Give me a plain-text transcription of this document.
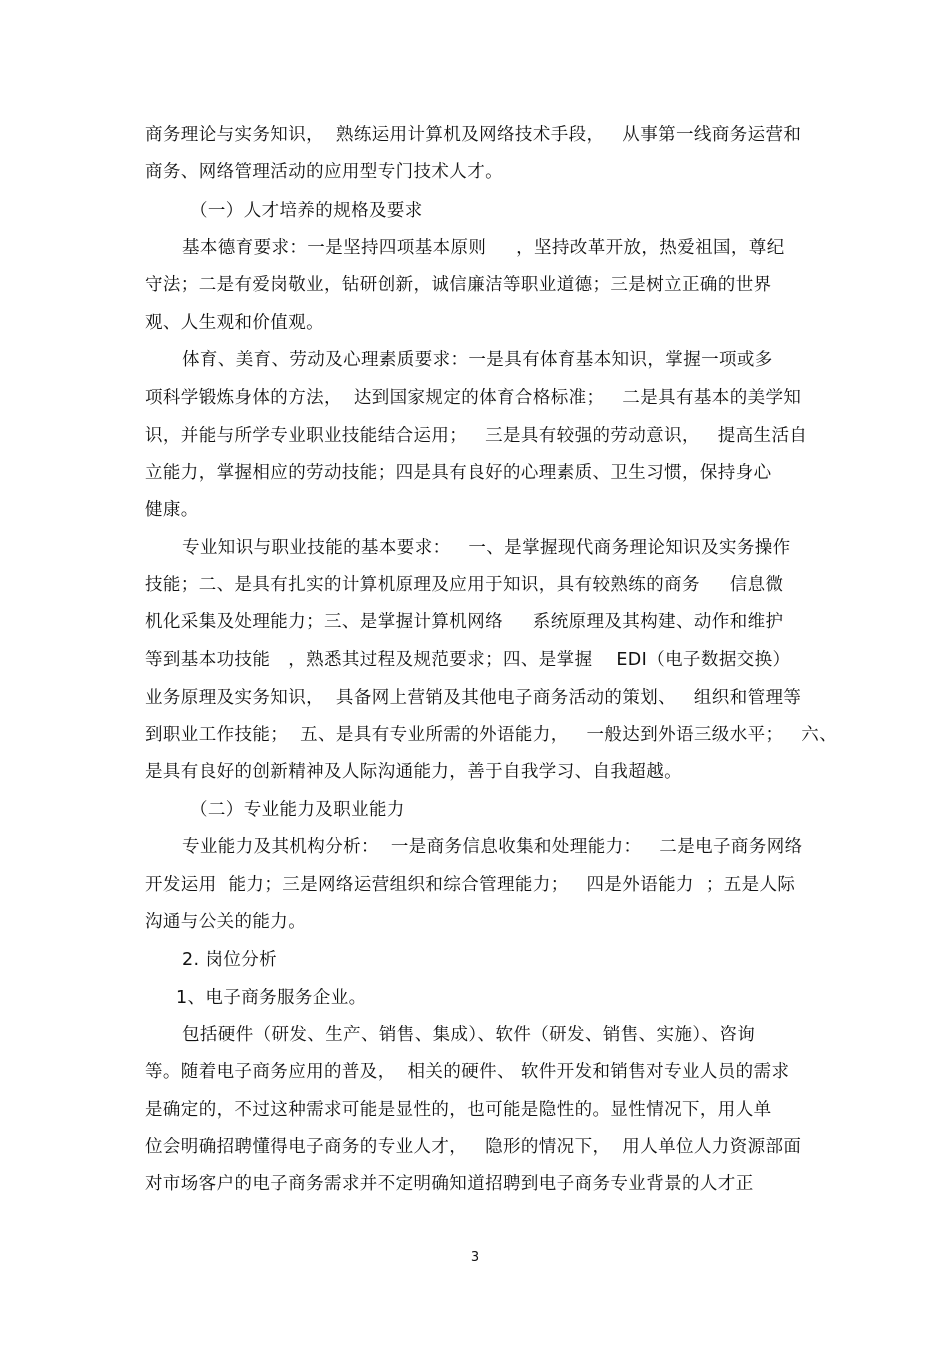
商务理论与实务知识，  熟练运用计算机及网络技术手段，   从事第一线商务运营和
商务、网络管理活动的应用型专门技术人才。
（一）人才培养的规格及要求
基本德育要求：一是坚持四项基本原则     ，坚持改革开放，热爱祖国，尊纪
守法；二是有爱岗敬业，钻研创新，诚信廉洁等职业道德；三是树立正确的世界
观、人生观和价值观。
体育、美育、劳动及心理素质要求：一是具有体育基本知识，掌握一项或多
项科学锻炼身体的方法，  达到国家规定的体育合格标准；   二是具有基本的美学知
识，并能与所学专业职业技能结合运用；   三是具有较强的劳动意识，   提高生活自
立能力，掌握相应的劳动技能；四是具有良好的心理素质、卫生习惯，保持身心
健康。
专业知识与职业技能的基本要求：   一、是掌握现代商务理论知识及实务操作
技能；二、是具有扎实的计算机原理及应用于知识，具有较熟练的商务     信息微
机化采集及处理能力；三、是掌握计算机网络     系统原理及其构建、动作和维护
等到基本功技能   ，熟悉其过程及规范要求；四、是掌握    EDI（电子数据交换）
业务原理及实务知识，  具备网上营销及其他电子商务活动的策划、   组织和管理等
到职业工作技能；  五、是具有专业所需的外语能力，   一般达到外语三级水平；   六、
是具有良好的创新精神及人际沟通能力，善于自我学习、自我超越。
（二）专业能力及职业能力
专业能力及其机构分析：  一是商务信息收集和处理能力：   二是电子商务网络
开发运用  能力；三是网络运营组织和综合管理能力；   四是外语能力  ；五是人际
沟通与公关的能力。
2. 岗位分析
1、电子商务服务企业。
包括硬件（研发、生产、销售、集成）、软件（研发、销售、实施）、咨询
等。随着电子商务应用的普及，  相关的硬件、 软件开发和销售对专业人员的需求
是确定的，不过这种需求可能是显性的，也可能是隐性的。显性情况下，用人单
位会明确招聘懂得电子商务的专业人才，   隐形的情况下，  用人单位人力资源部面
对市场客户的电子商务需求并不定明确知道招聘到电子商务专业背景的人才正
3
